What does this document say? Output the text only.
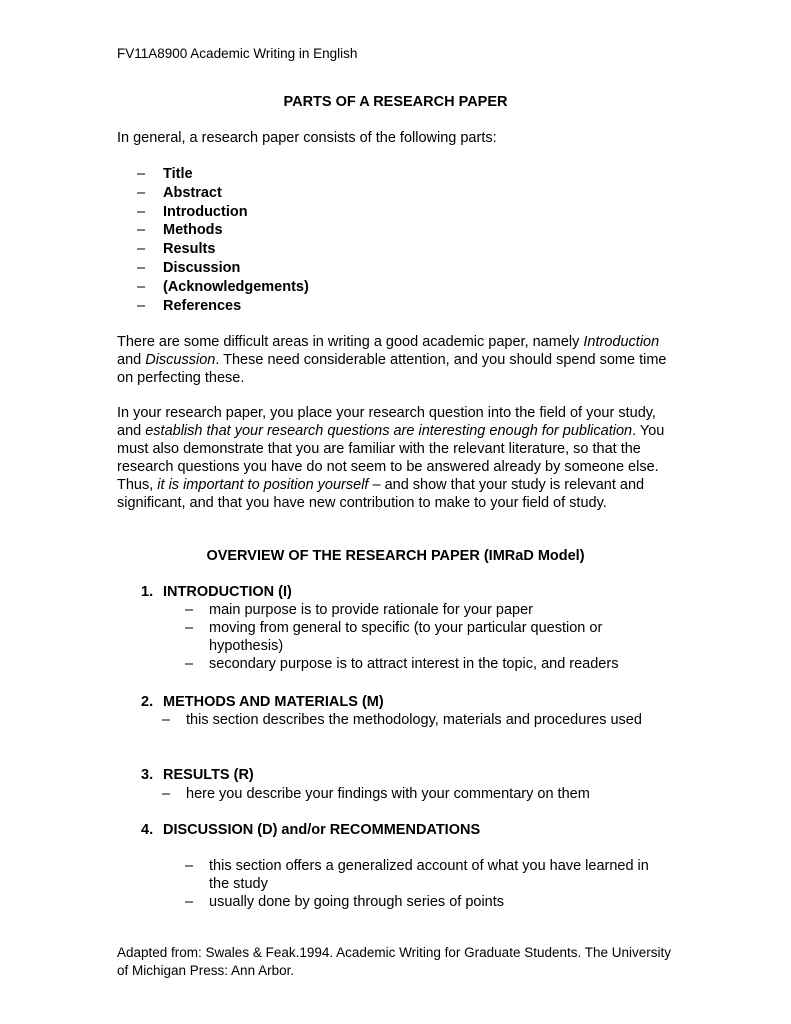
FV11A8900 Academic Writing in English
PARTS OF A RESEARCH PAPER
In general, a research paper consists of the following parts:
– Title
– Abstract
– Introduction
– Methods
– Results
– Discussion
– (Acknowledgements)
– References

There are some difficult areas in writing a good academic paper, namely Introduction and Discussion. These need considerable attention, and you should spend some time on perfecting these.

In your research paper, you place your research question into the field of your study, and establish that your research questions are interesting enough for publication. You must also demonstrate that you are familiar with the relevant literature, so that the research questions you have do not seem to be answered already by someone else. Thus, it is important to position yourself – and show that your study is relevant and significant, and that you have new contribution to make to your field of study.

OVERVIEW OF THE RESEARCH PAPER (IMRaD Model)
1. INTRODUCTION (I)
– main purpose is to provide rationale for your paper
– moving from general to specific (to your particular question or hypothesis)
– secondary purpose is to attract interest in the topic, and readers
2. METHODS AND MATERIALS (M)
– this section describes the methodology, materials and procedures used
3. RESULTS (R)
– here you describe your findings with your commentary on them
4. DISCUSSION (D) and/or RECOMMENDATIONS
– this section offers a generalized account of what you have learned in the study
– usually done by going through series of points

Adapted from: Swales & Feak.1994. Academic Writing for Graduate Students. The University of Michigan Press: Ann Arbor.
